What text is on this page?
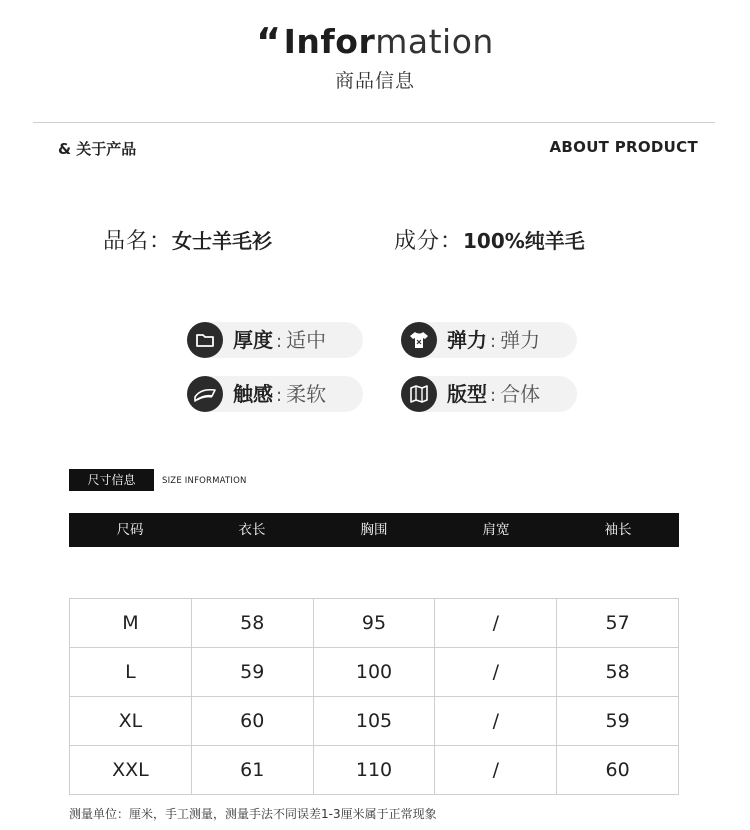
“Information
商品信息
& 关于产品	ABOUT PRODUCT
品名：女士羊毛衫	成分：100%纯羊毛
厚度 : 适中	弹力 : 弹力
触感 : 柔软	版型 : 合体
尺寸信息	SIZE INFORMATION
尺码	衣长	胸围	肩宽	袖长
M	58	95	/	57
L	59	100	/	58
XL	60	105	/	59
XXL	61	110	/	60
测量单位：厘米，手工测量，测量手法不同误差1-3厘米属于正常现象
